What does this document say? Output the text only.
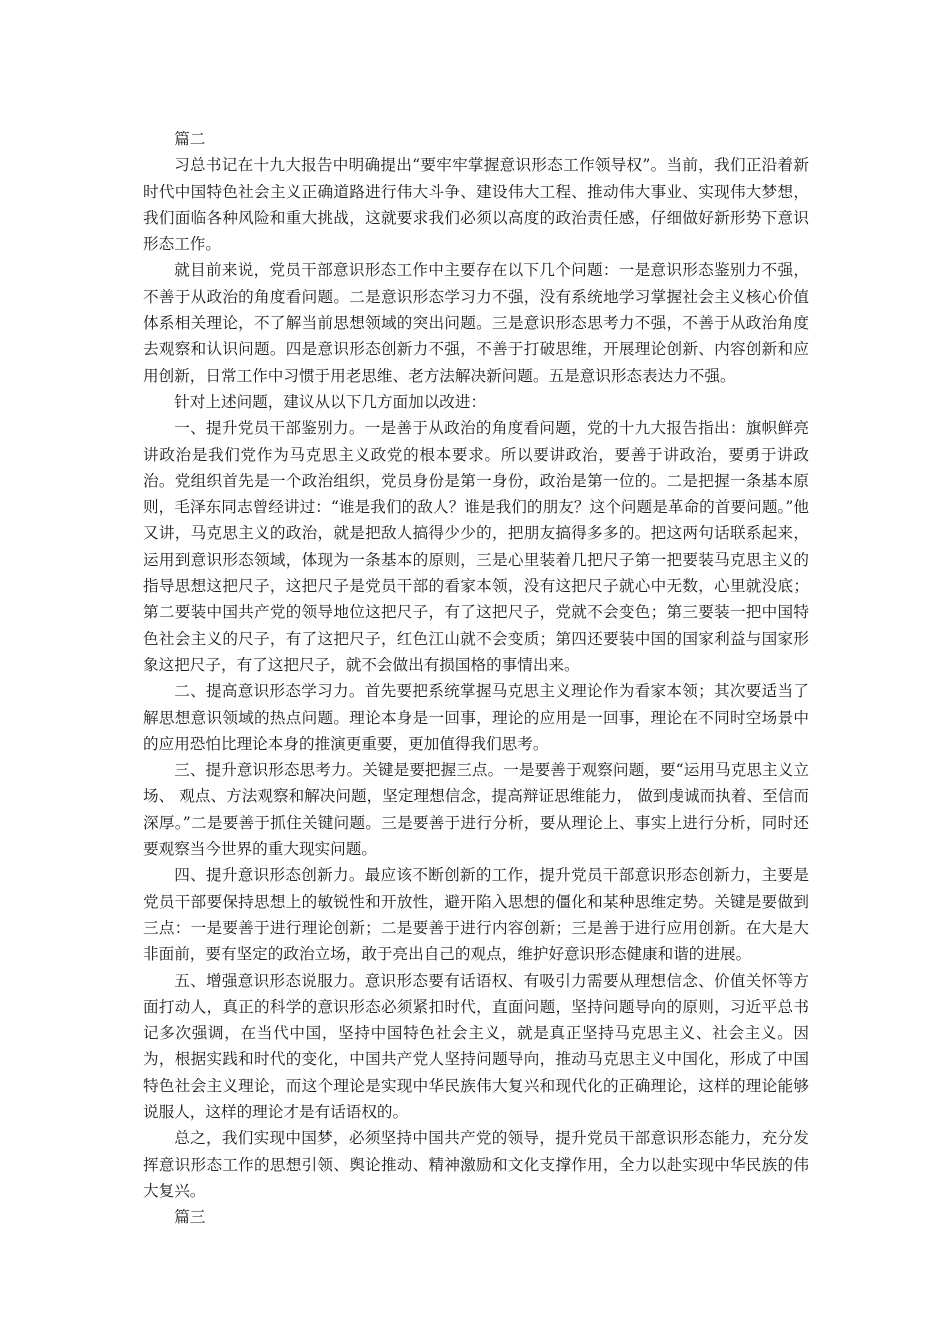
篇二

习总书记在十九大报告中明确提出“要牢牢掌握意识形态工作领导权”。当前，我们正沿着新时代中国特色社会主义正确道路进行伟大斗争、建设伟大工程、推动伟大事业、实现伟大梦想，我们面临各种风险和重大挑战，这就要求我们必须以高度的政治责任感，仔细做好新形势下意识形态工作。

就目前来说，党员干部意识形态工作中主要存在以下几个问题：一是意识形态鉴别力不强，不善于从政治的角度看问题。二是意识形态学习力不强，没有系统地学习掌握社会主义核心价值体系相关理论，不了解当前思想领域的突出问题。三是意识形态思考力不强，不善于从政治角度去观察和认识问题。四是意识形态创新力不强，不善于打破思维，开展理论创新、内容创新和应用创新，日常工作中习惯于用老思维、老方法解决新问题。五是意识形态表达力不强。

针对上述问题，建议从以下几方面加以改进：

一、提升党员干部鉴别力。一是善于从政治的角度看问题，党的十九大报告指出：旗帜鲜亮讲政治是我们党作为马克思主义政党的根本要求。所以要讲政治，要善于讲政治，要勇于讲政治。党组织首先是一个政治组织，党员身份是第一身份，政治是第一位的。二是把握一条基本原则，毛泽东同志曾经讲过：“谁是我们的敌人？谁是我们的朋友？这个问题是革命的首要问题。”他又讲，马克思主义的政治，就是把敌人搞得少少的，把朋友搞得多多的。把这两句话联系起来，运用到意识形态领域，体现为一条基本的原则，三是心里装着几把尺子第一把要装马克思主义的指导思想这把尺子，这把尺子是党员干部的看家本领，没有这把尺子就心中无数，心里就没底；第二要装中国共产党的领导地位这把尺子，有了这把尺子，党就不会变色；第三要装一把中国特色社会主义的尺子，有了这把尺子，红色江山就不会变质；第四还要装中国的国家利益与国家形象这把尺子，有了这把尺子，就不会做出有损国格的事情出来。

二、提高意识形态学习力。首先要把系统掌握马克思主义理论作为看家本领；其次要适当了解思想意识领域的热点问题。理论本身是一回事，理论的应用是一回事，理论在不同时空场景中的应用恐怕比理论本身的推演更重要，更加值得我们思考。

三、提升意识形态思考力。关键是要把握三点。一是要善于观察问题，要“运用马克思主义立场、 观点、方法观察和解决问题，坚定理想信念，提高辩证思维能力， 做到虔诚而执着、至信而深厚。”二是要善于抓住关键问题。三是要善于进行分析，要从理论上、事实上进行分析，同时还要观察当今世界的重大现实问题。

四、提升意识形态创新力。最应该不断创新的工作，提升党员干部意识形态创新力，主要是党员干部要保持思想上的敏锐性和开放性，避开陷入思想的僵化和某种思维定势。关键是要做到三点：一是要善于进行理论创新；二是要善于进行内容创新；三是善于进行应用创新。在大是大非面前，要有坚定的政治立场，敢于亮出自己的观点，维护好意识形态健康和谐的进展。

五、增强意识形态说服力。意识形态要有话语权、有吸引力需要从理想信念、价值关怀等方面打动人，真正的科学的意识形态必须紧扣时代，直面问题，坚持问题导向的原则，习近平总书记多次强调，在当代中国，坚持中国特色社会主义，就是真正坚持马克思主义、社会主义。因为，根据实践和时代的变化，中国共产党人坚持问题导向，推动马克思主义中国化，形成了中国特色社会主义理论，而这个理论是实现中华民族伟大复兴和现代化的正确理论，这样的理论能够说服人，这样的理论才是有话语权的。

总之，我们实现中国梦，必须坚持中国共产党的领导，提升党员干部意识形态能力，充分发挥意识形态工作的思想引领、舆论推动、精神激励和文化支撑作用，全力以赴实现中华民族的伟大复兴。

篇三
